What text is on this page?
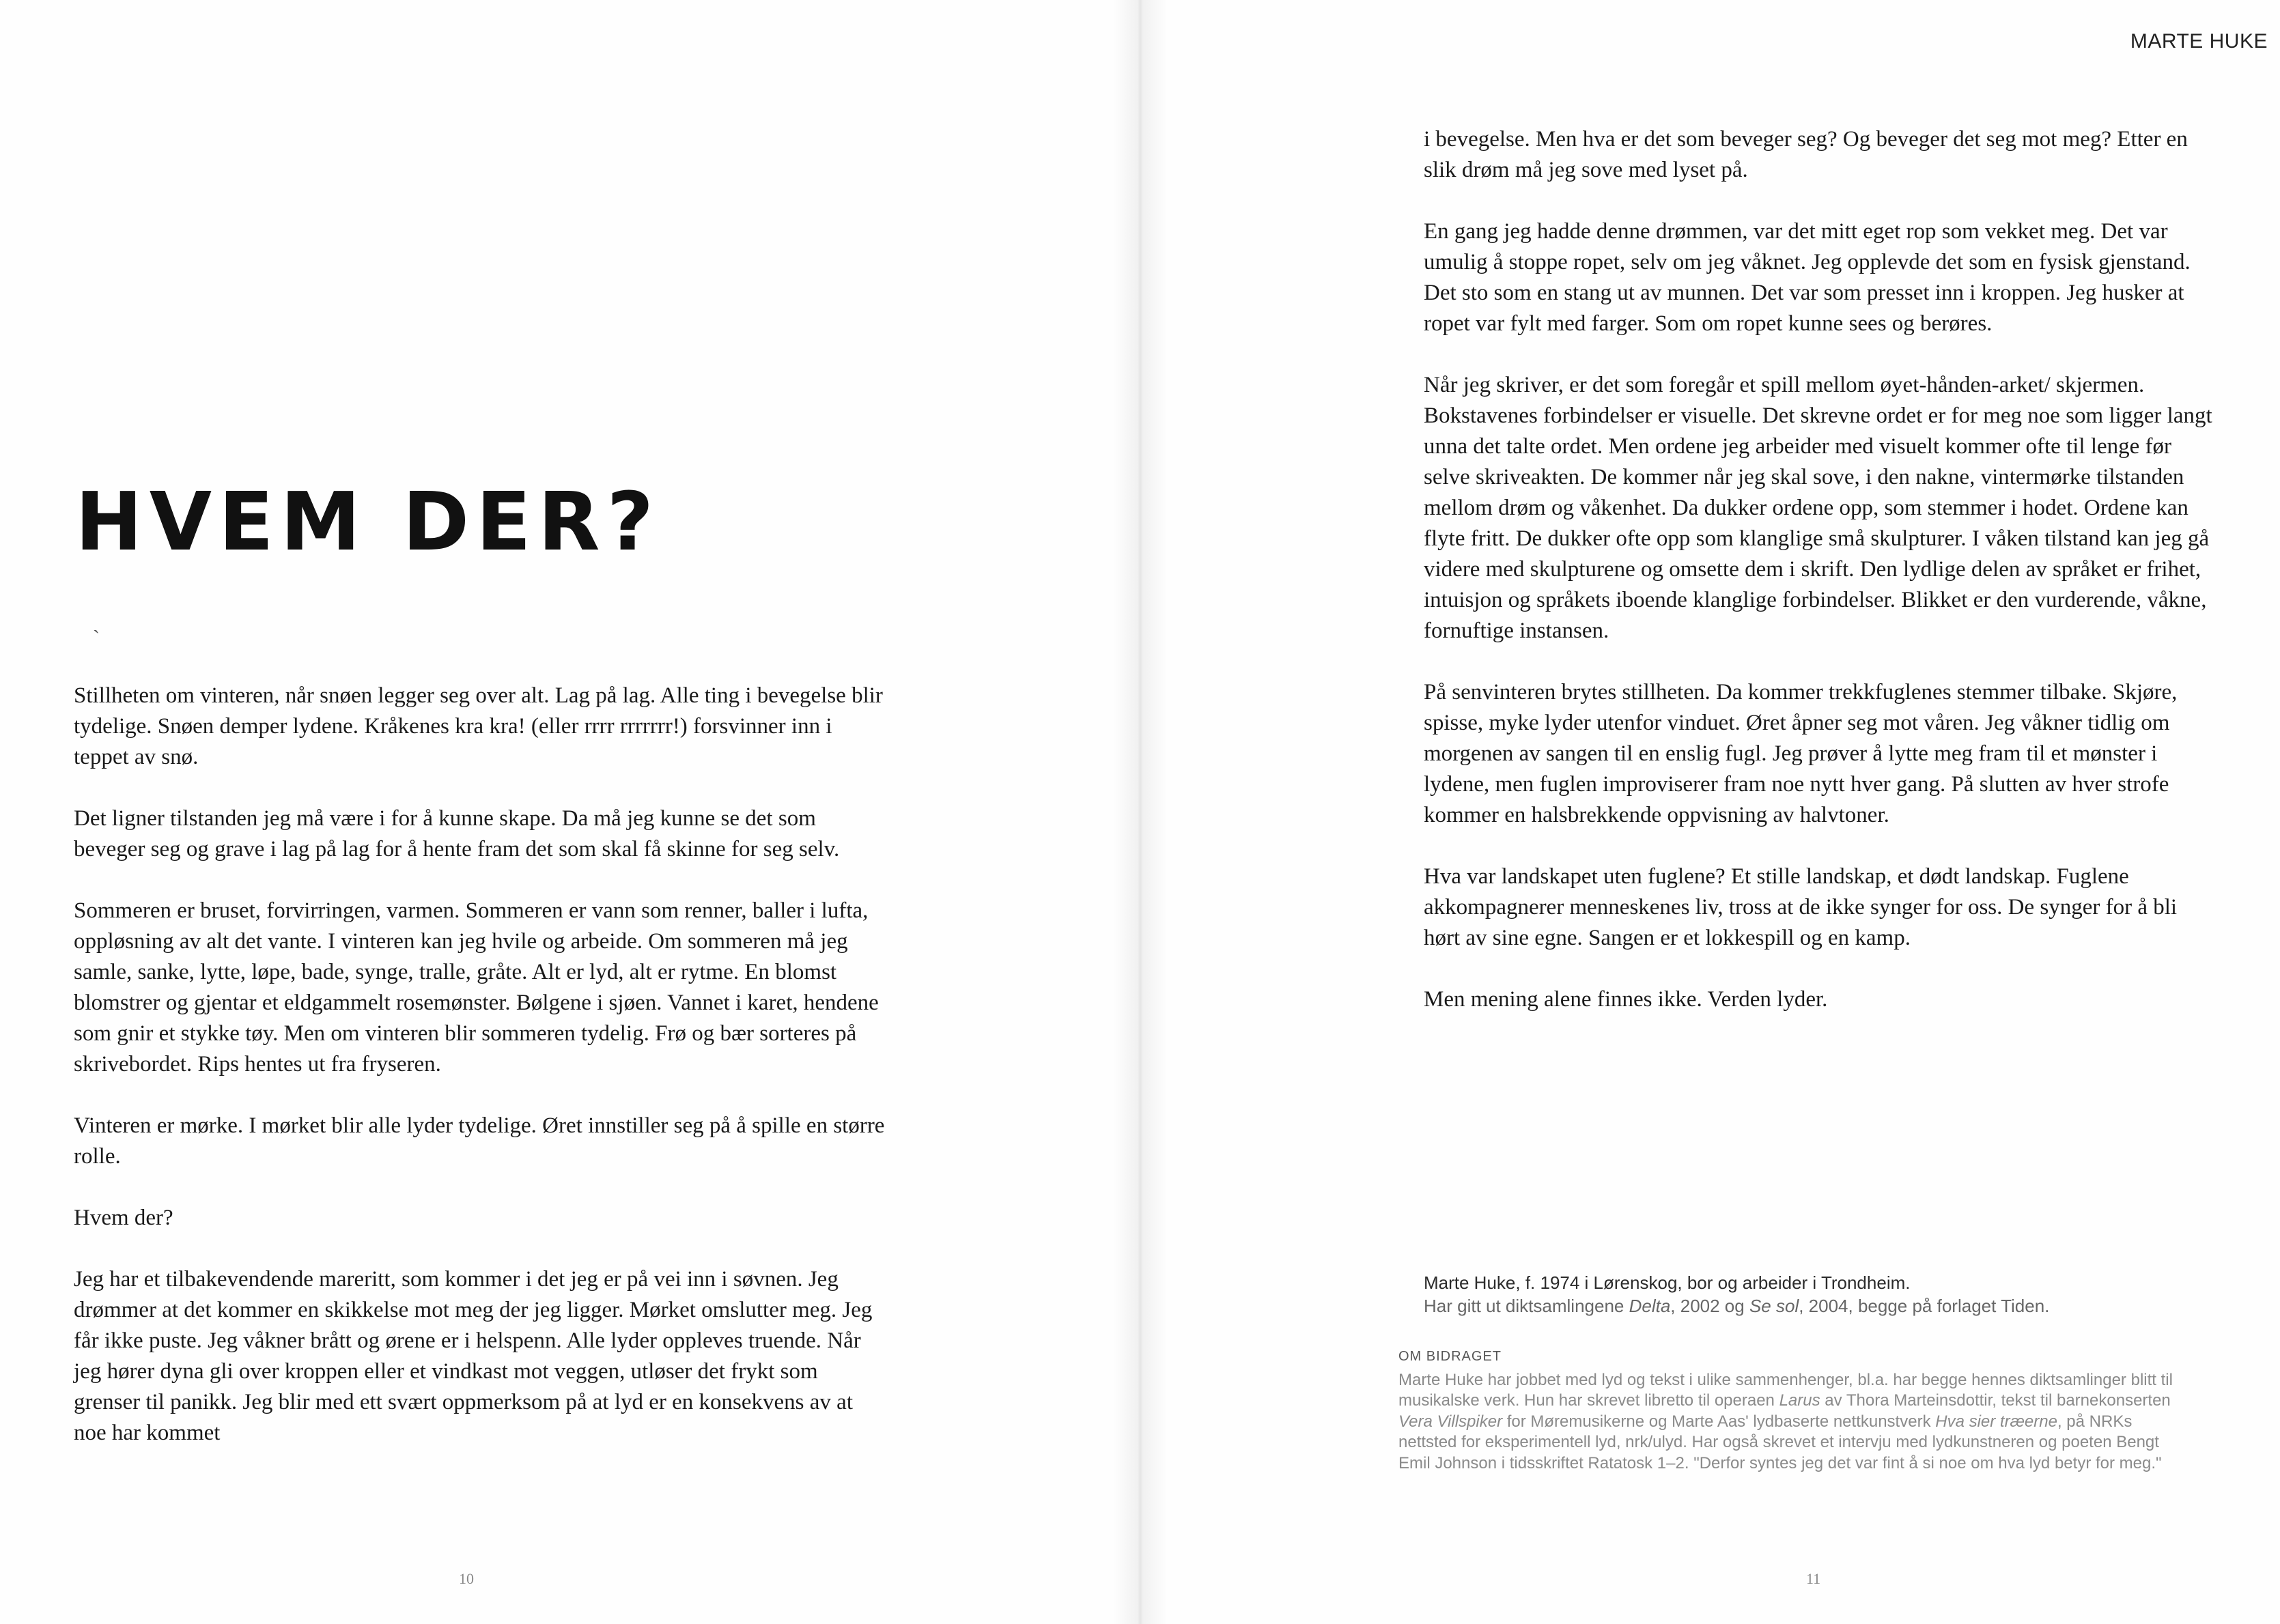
MARTE HUKE
HVEM DER?
ˎ

Stillheten om vinteren, når snøen legger seg over alt. Lag på lag. Alle ting i bevegelse blir tydelige. Snøen demper lydene. Kråkenes kra kra! (eller rrrr rrrrrrr!) forsvinner inn i teppet av snø.

Det ligner tilstanden jeg må være i for å kunne skape. Da må jeg kunne se det som beveger seg og grave i lag på lag for å hente fram det som skal få skinne for seg selv.

Sommeren er bruset, forvirringen, varmen. Sommeren er vann som renner, baller i lufta, oppløsning av alt det vante. I vinteren kan jeg hvile og arbeide. Om sommeren må jeg samle, sanke, lytte, løpe, bade, synge, tralle, gråte. Alt er lyd, alt er rytme. En blomst blomstrer og gjentar et eldgammelt rosemønster. Bølgene i sjøen. Vannet i karet, hendene som gnir et stykke tøy. Men om vinteren blir sommeren tydelig. Frø og bær sorteres på skrivebordet. Rips hentes ut fra fryseren.

Vinteren er mørke. I mørket blir alle lyder tydelige. Øret innstiller seg på å spille en større rolle.

Hvem der?

Jeg har et tilbakevendende mareritt, som kommer i det jeg er på vei inn i søvnen. Jeg drømmer at det kommer en skikkelse mot meg der jeg ligger. Mørket omslutter meg. Jeg får ikke puste. Jeg våkner brått og ørene er i helspenn. Alle lyder oppleves truende. Når jeg hører dyna gli over kroppen eller et vindkast mot veggen, utløser det frykt som grenser til panikk. Jeg blir med ett svært oppmerksom på at lyd er en konsekvens av at noe har kommet

i bevegelse. Men hva er det som beveger seg? Og beveger det seg mot meg? Etter en slik drøm må jeg sove med lyset på.

En gang jeg hadde denne drømmen, var det mitt eget rop som vekket meg. Det var umulig å stoppe ropet, selv om jeg våknet. Jeg opplevde det som en fysisk gjenstand. Det sto som en stang ut av munnen. Det var som presset inn i kroppen. Jeg husker at ropet var fylt med farger. Som om ropet kunne sees og berøres.

Når jeg skriver, er det som foregår et spill mellom øyet-hånden-arket/ skjermen. Bokstavenes forbindelser er visuelle. Det skrevne ordet er for meg noe som ligger langt unna det talte ordet. Men ordene jeg arbeider med visuelt kommer ofte til lenge før selve skriveakten. De kommer når jeg skal sove, i den nakne, vintermørke tilstanden mellom drøm og våkenhet. Da dukker ordene opp, som stemmer i hodet. Ordene kan flyte fritt. De dukker ofte opp som klanglige små skulpturer. I våken tilstand kan jeg gå videre med skulpturene og omsette dem i skrift. Den lydlige delen av språket er frihet, intuisjon og språkets iboende klanglige forbindelser. Blikket er den vurderende, våkne, fornuftige instansen.

På senvinteren brytes stillheten. Da kommer trekkfuglenes stemmer tilbake. Skjøre, spisse, myke lyder utenfor vinduet. Øret åpner seg mot våren. Jeg våkner tidlig om morgenen av sangen til en enslig fugl. Jeg prøver å lytte meg fram til et mønster i lydene, men fuglen improviserer fram noe nytt hver gang. På slutten av hver strofe kommer en halsbrekkende oppvisning av halvtoner.

Hva var landskapet uten fuglene? Et stille landskap, et dødt landskap. Fuglene akkompagnerer menneskenes liv, tross at de ikke synger for oss. De synger for å bli hørt av sine egne. Sangen er et lokkespill og en kamp.

Men mening alene finnes ikke. Verden lyder.

Marte Huke, f. 1974 i Lørenskog, bor og arbeider i Trondheim.
Har gitt ut diktsamlingene Delta, 2002 og Se sol, 2004, begge på forlaget Tiden.
OM BIDRAGET
Marte Huke har jobbet med lyd og tekst i ulike sammenhenger, bl.a. har begge hennes diktsamlinger blitt til musikalske verk. Hun har skrevet libretto til operaen Larus av Thora Marteinsdottir, tekst til barnekonserten Vera Villspiker for Møremusikerne og Marte Aas' lydbaserte nettkunstverk Hva sier træerne, på NRKs nettsted for eksperimentell lyd, nrk/ulyd. Har også skrevet et intervju med lydkunstneren og poeten Bengt Emil Johnson i tidsskriftet Ratatosk 1–2. "Derfor syntes jeg det var fint å si noe om hva lyd betyr for meg."
10	11
